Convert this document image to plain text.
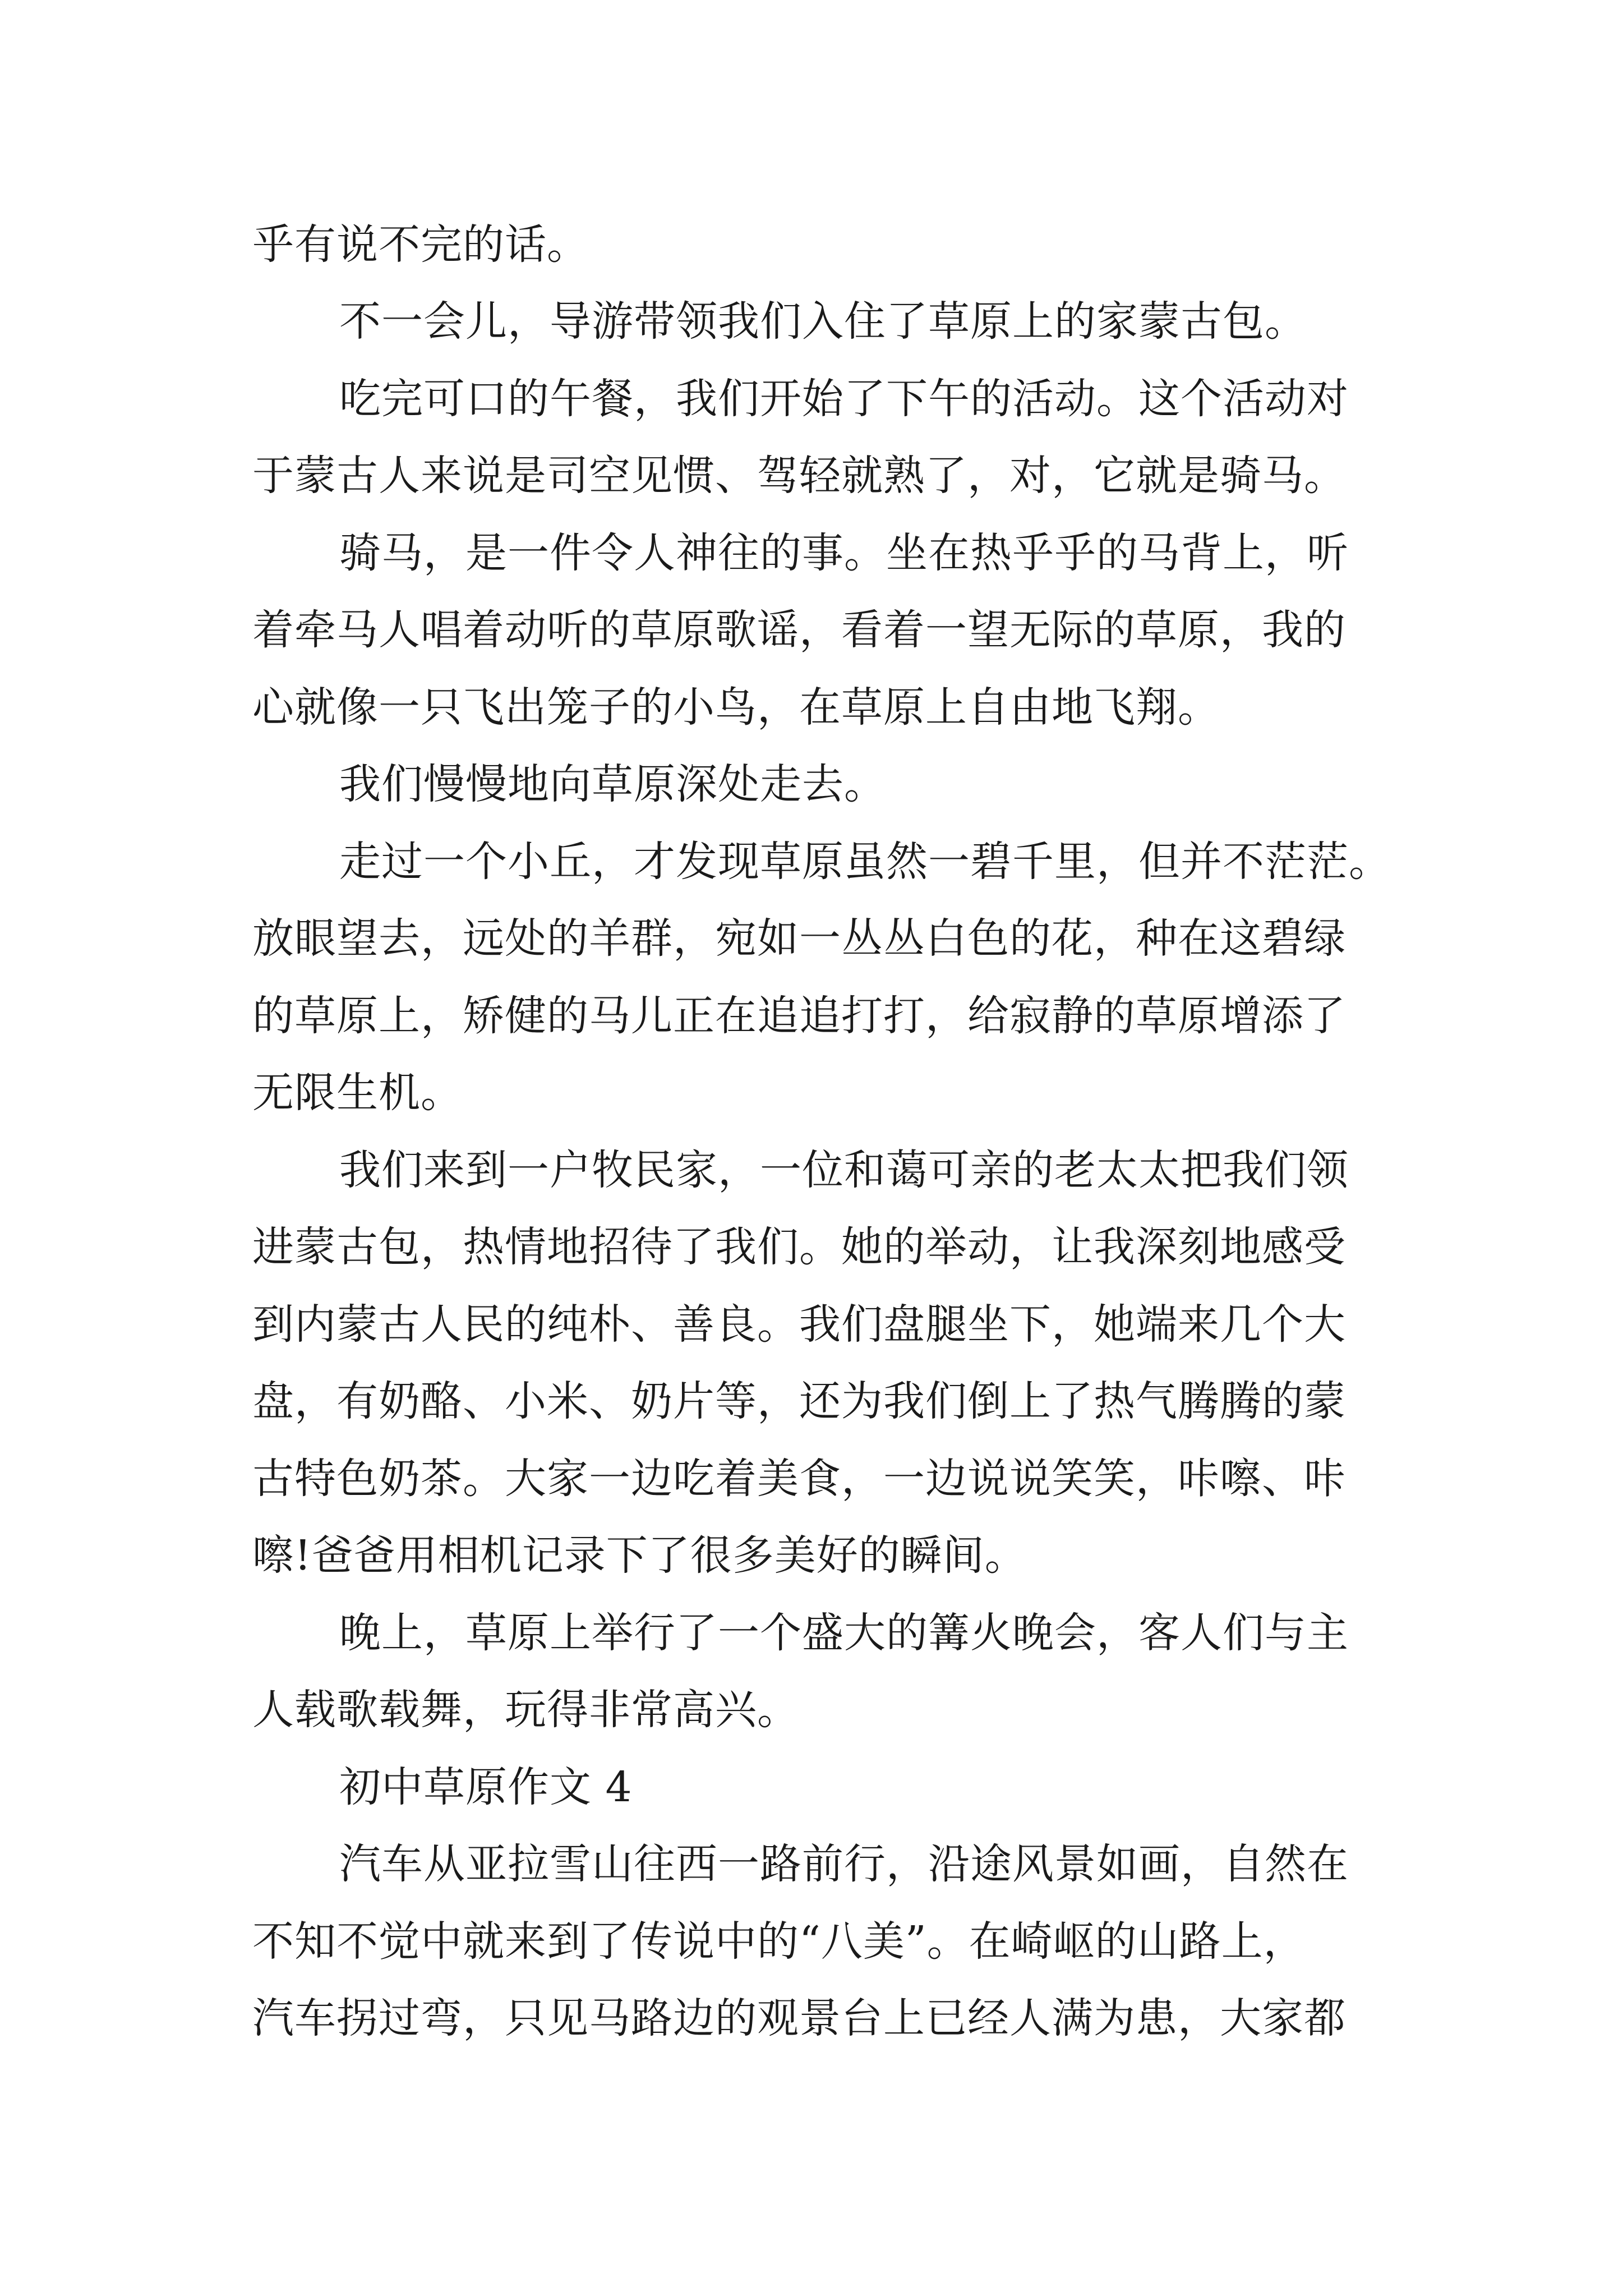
乎有说不完的话。
不一会儿，导游带领我们入住了草原上的家蒙古包。
吃完可口的午餐，我们开始了下午的活动。这个活动对
于蒙古人来说是司空见惯、驾轻就熟了，对，它就是骑马。
骑马，是一件令人神往的事。坐在热乎乎的马背上，听
着牵马人唱着动听的草原歌谣，看着一望无际的草原，我的
心就像一只飞出笼子的小鸟，在草原上自由地飞翔。
我们慢慢地向草原深处走去。
走过一个小丘，才发现草原虽然一碧千里，但并不茫茫。
放眼望去，远处的羊群，宛如一丛丛白色的花，种在这碧绿
的草原上，矫健的马儿正在追追打打，给寂静的草原增添了
无限生机。
我们来到一户牧民家，一位和蔼可亲的老太太把我们领
进蒙古包，热情地招待了我们。她的举动，让我深刻地感受
到内蒙古人民的纯朴、善良。我们盘腿坐下，她端来几个大
盘，有奶酪、小米、奶片等，还为我们倒上了热气腾腾的蒙
古特色奶茶。大家一边吃着美食，一边说说笑笑，咔嚓、咔
嚓!爸爸用相机记录下了很多美好的瞬间。
晚上，草原上举行了一个盛大的篝火晚会，客人们与主
人载歌载舞，玩得非常高兴。
初中草原作文 4
汽车从亚拉雪山往西一路前行，沿途风景如画，自然在
不知不觉中就来到了传说中的“八美”。在崎岖的山路上，
汽车拐过弯，只见马路边的观景台上已经人满为患，大家都
